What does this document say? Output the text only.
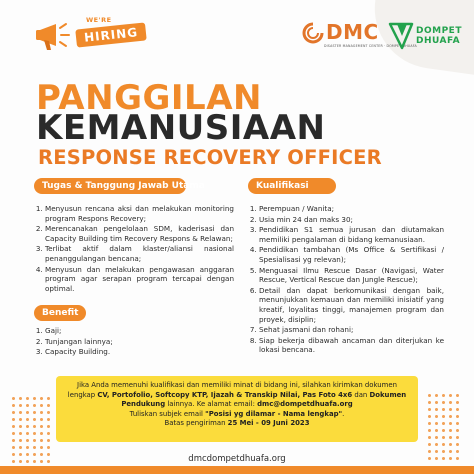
WE'RE
HIRING	DMC
DISASTER MANAGEMENT CENTER · DOMPET DHUAFA
DOMPET
DHUAFA
PANGGILAN
KEMANUSIAAN
RESPONSE RECOVERY OFFICER
Tugas & Tanggung Jawab Utama
1. Menyusun rencana aksi dan melakukan monitoring program Respons Recovery;
2. Merencanakan pengelolaan SDM, kaderisasi dan Capacity Building tim Recovery Respons & Relawan;
3. Terlibat aktif dalam klaster/aliansi nasional penanggulangan bencana;
4. Menyusun dan melakukan pengawasan anggaran program agar serapan program tercapai dengan optimal.
Benefit
1. Gaji;
2. Tunjangan lainnya;
3. Capacity Building.
Kualifikasi
1. Perempuan / Wanita;
2. Usia min 24 dan maks 30;
3. Pendidikan S1 semua jurusan dan diutamakan memiliki pengalaman di bidang kemanusiaan.
4. Pendidikan tambahan (Ms Office & Sertifikasi / Spesialisasi yg relevan);
5. Menguasai Ilmu Rescue Dasar (Navigasi, Water Rescue, Vertical Rescue dan Jungle Rescue);
6. Detail dan dapat berkomunikasi dengan baik, menunjukkan kemauan dan memiliki inisiatif yang kreatif, loyalitas tinggi, manajemen program dan proyek, disiplin;
7. Sehat jasmani dan rohani;
8. Siap bekerja dibawah ancaman dan diterjukan ke lokasi bencana.
Jika Anda memenuhi kualifikasi dan memiliki minat di bidang ini, silahkan kirimkan dokumen lengkap CV, Portofolio, Softcopy KTP, Ijazah & Transkip Nilai, Pas Foto 4x6 dan Dokumen Pendukung lainnya. Ke alamat email: dmc@dompetdhuafa.org
Tuliskan subjek email "Posisi yg dilamar - Nama lengkap".
Batas pengiriman 25 Mei - 09 Juni 2023
dmcdompetdhuafa.org
